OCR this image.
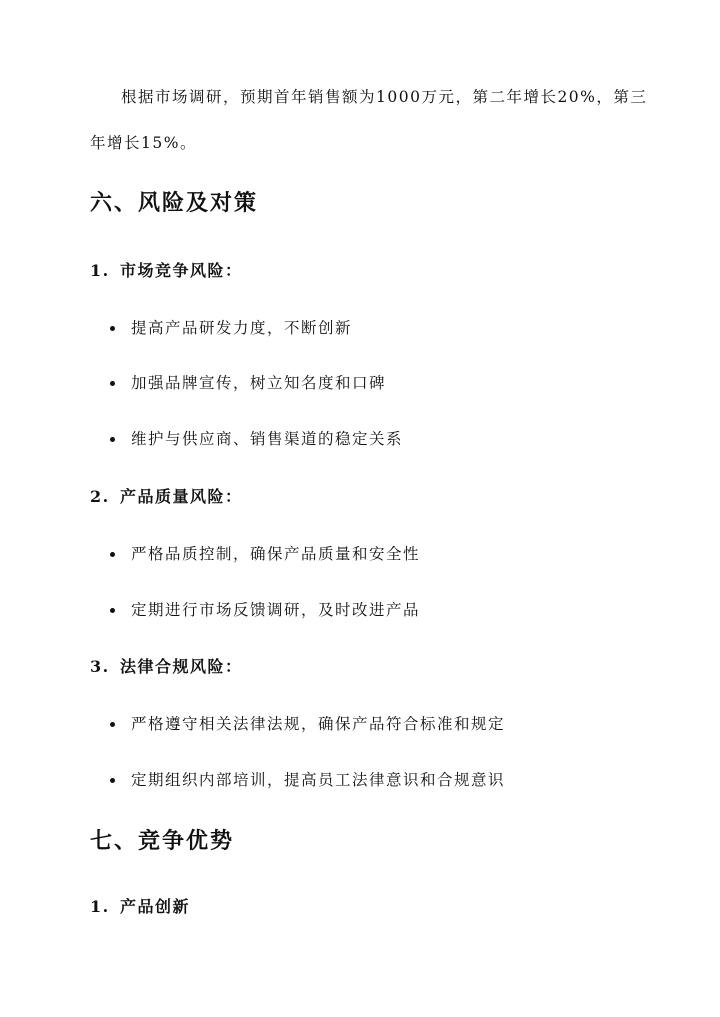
根据市场调研，预期首年销售额为1000万元，第二年增长20%，第三年增长15%。

六、风险及对策
1. 市场竞争风险：
提高产品研发力度，不断创新
加强品牌宣传，树立知名度和口碑
维护与供应商、销售渠道的稳定关系
2. 产品质量风险：
严格品质控制，确保产品质量和安全性
定期进行市场反馈调研，及时改进产品
3. 法律合规风险：
严格遵守相关法律法规，确保产品符合标准和规定
定期组织内部培训，提高员工法律意识和合规意识
七、竞争优势
1. 产品创新
